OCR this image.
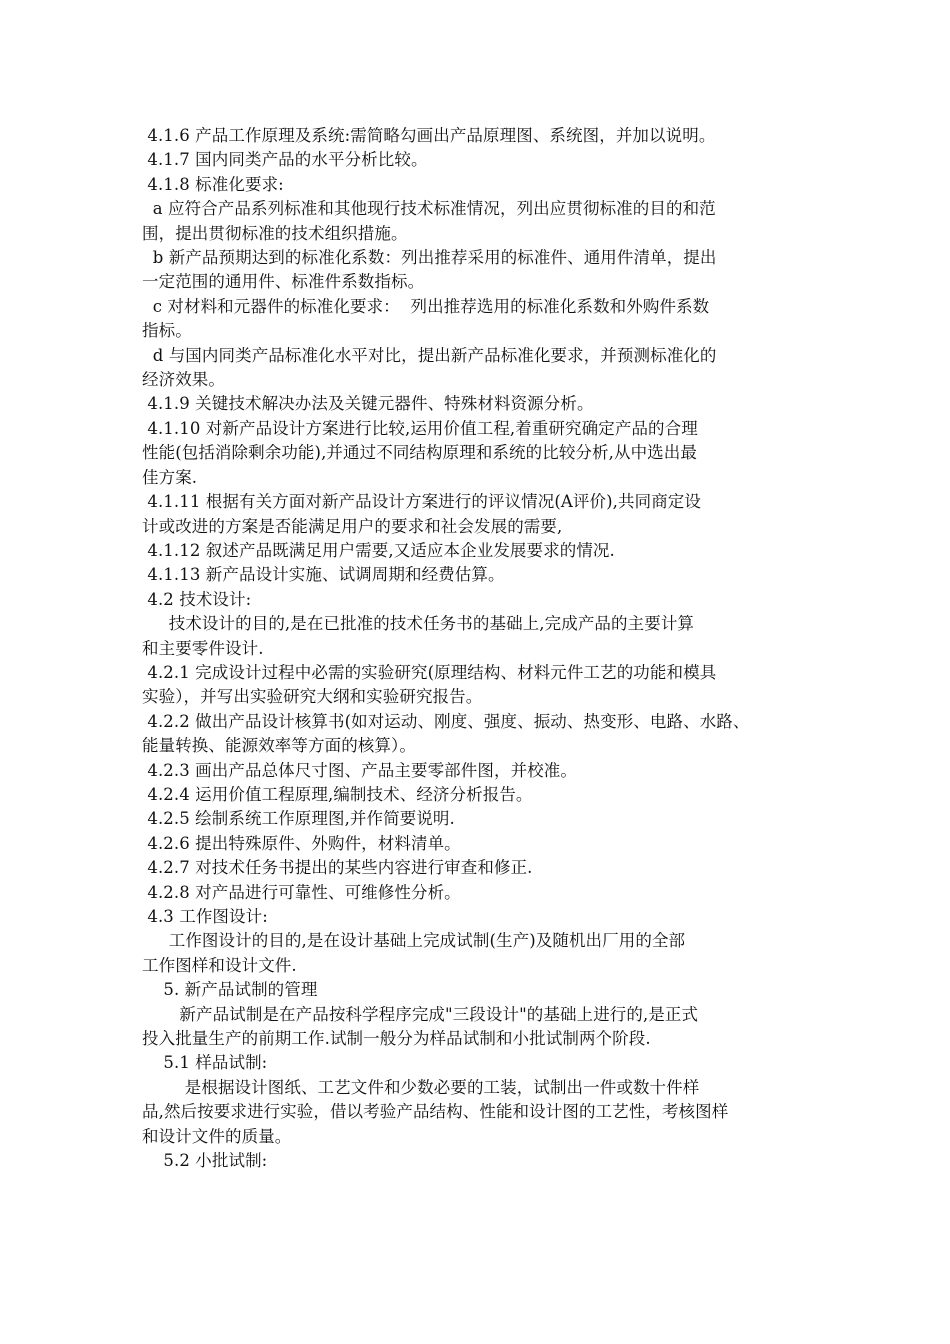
4.1.6 产品工作原理及系统:需简略勾画出产品原理图、系统图，并加以说明。
4.1.7 国内同类产品的水平分析比较。
4.1.8 标准化要求:
a 应符合产品系列标准和其他现行技术标准情况，列出应贯彻标准的目的和范
围，提出贯彻标准的技术组织措施。
b 新产品预期达到的标准化系数：列出推荐采用的标准件、通用件清单，提出
一定范围的通用件、标准件系数指标。
c 对材料和元器件的标准化要求：  列出推荐选用的标准化系数和外购件系数
指标。
d 与国内同类产品标准化水平对比，提出新产品标准化要求，并预测标准化的
经济效果。
4.1.9 关键技术解决办法及关键元器件、特殊材料资源分析。
4.1.10 对新产品设计方案进行比较,运用价值工程,着重研究确定产品的合理
性能(包括消除剩余功能),并通过不同结构原理和系统的比较分析,从中选出最
佳方案.
4.1.11 根据有关方面对新产品设计方案进行的评议情况(A评价),共同商定设
计或改进的方案是否能满足用户的要求和社会发展的需要,
4.1.12 叙述产品既满足用户需要,又适应本企业发展要求的情况.
4.1.13 新产品设计实施、试调周期和经费估算。
4.2 技术设计:
技术设计的目的,是在已批准的技术任务书的基础上,完成产品的主要计算
和主要零件设计.
4.2.1 完成设计过程中必需的实验研究(原理结构、材料元件工艺的功能和模具
实验），并写出实验研究大纲和实验研究报告。
4.2.2 做出产品设计核算书(如对运动、刚度、强度、振动、热变形、电路、水路、
能量转换、能源效率等方面的核算）。
4.2.3 画出产品总体尺寸图、产品主要零部件图，并校准。
4.2.4 运用价值工程原理,编制技术、经济分析报告。
4.2.5 绘制系统工作原理图,并作简要说明.
4.2.6 提出特殊原件、外购件，材料清单。
4.2.7 对技术任务书提出的某些内容进行审查和修正.
4.2.8 对产品进行可靠性、可维修性分析。
4.3 工作图设计:
工作图设计的目的,是在设计基础上完成试制(生产)及随机出厂用的全部
工作图样和设计文件.
5. 新产品试制的管理
新产品试制是在产品按科学程序完成"三段设计"的基础上进行的,是正式
投入批量生产的前期工作.试制一般分为样品试制和小批试制两个阶段.
5.1 样品试制:
是根据设计图纸、工艺文件和少数必要的工装，试制出一件或数十件样
品,然后按要求进行实验，借以考验产品结构、性能和设计图的工艺性，考核图样
和设计文件的质量。
5.2 小批试制:
